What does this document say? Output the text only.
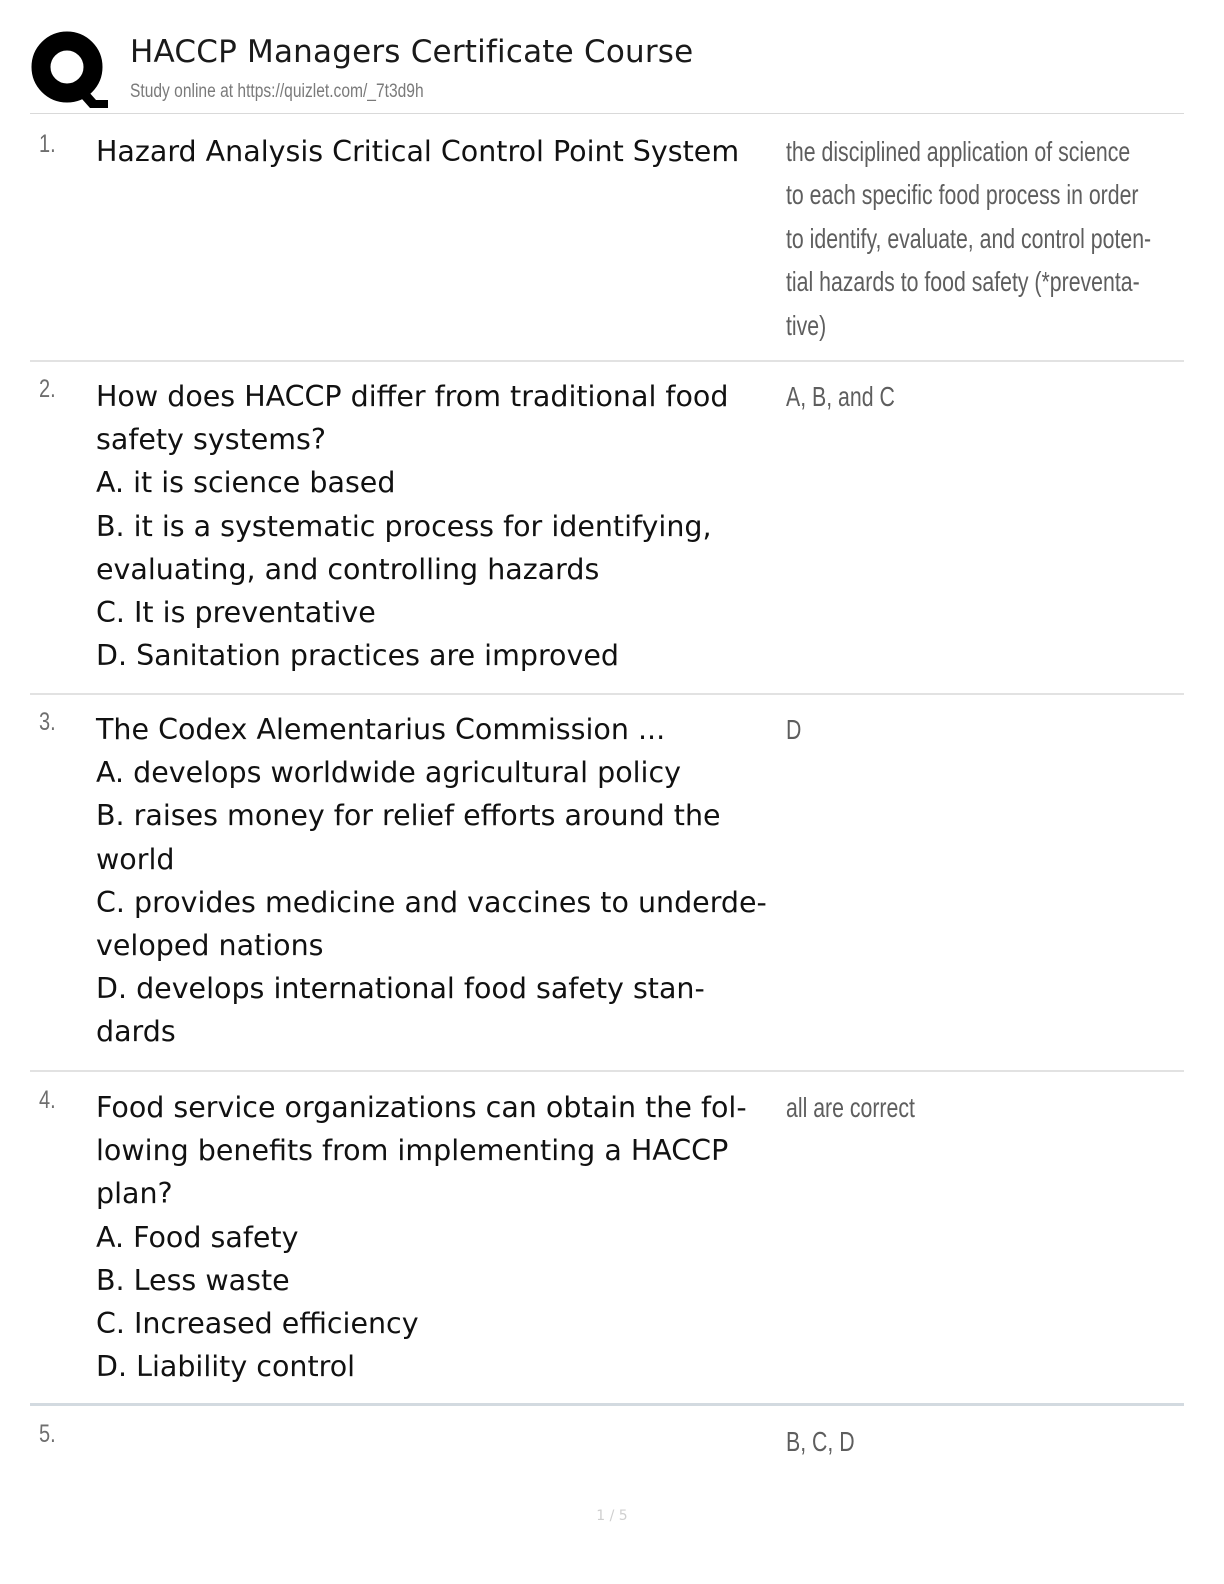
HACCP Managers Certificate Course
Study online at https://quizlet.com/_7t3d9h
1. Hazard Analysis Critical Control Point System	the disciplined application of science
to each specific food process in order
to identify, evaluate, and control poten-
tial hazards to food safety (*preventa-
tive)
2. How does HACCP differ from traditional food
safety systems?
A. it is science based
B. it is a systematic process for identifying,
evaluating, and controlling hazards
C. It is preventative
D. Sanitation practices are improved
A, B, and C
3. The Codex Alementarius Commission ...
A. develops worldwide agricultural policy
B. raises money for relief efforts around the
world
C. provides medicine and vaccines to underde-
veloped nations
D. develops international food safety stan-
dards
D
4. Food service organizations can obtain the fol-
lowing benefits from implementing a HACCP
plan?
A. Food safety
B. Less waste
C. Increased efficiency
D. Liability control
all are correct
5.	B, C, D
1 / 5
